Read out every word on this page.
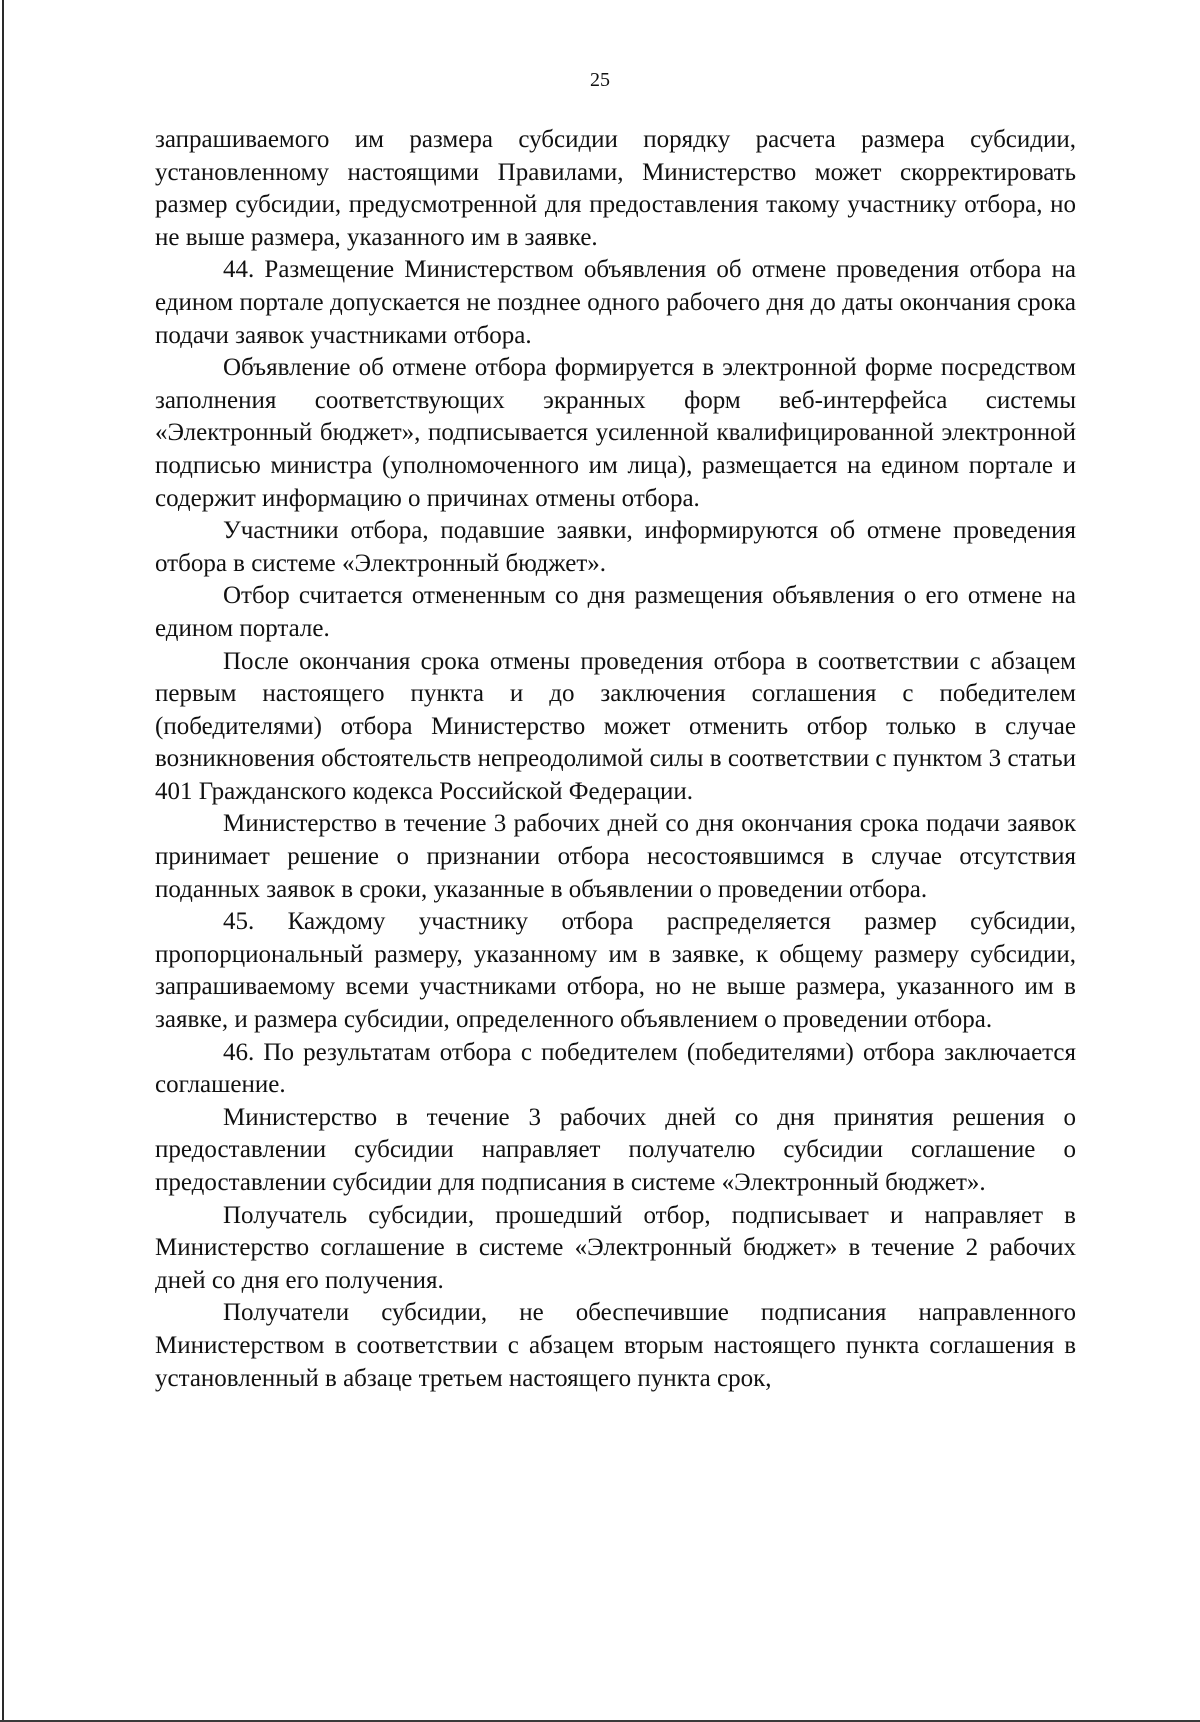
25

запрашиваемого им размера субсидии порядку расчета размера субсидии, установленному настоящими Правилами, Министерство может скорректировать размер субсидии, предусмотренной для предоставления такому участнику отбора, но не выше размера, указанного им в заявке.

44. Размещение Министерством объявления об отмене проведения отбора на едином портале допускается не позднее одного рабочего дня до даты окончания срока подачи заявок участниками отбора.

Объявление об отмене отбора формируется в электронной форме посредством заполнения соответствующих экранных форм веб-интерфейса системы «Электронный бюджет», подписывается усиленной квалифицированной электронной подписью министра (уполномоченного им лица), размещается на едином портале и содержит информацию о причинах отмены отбора.

Участники отбора, подавшие заявки, информируются об отмене проведения отбора в системе «Электронный бюджет».

Отбор считается отмененным со дня размещения объявления о его отмене на едином портале.

После окончания срока отмены проведения отбора в соответствии с абзацем первым настоящего пункта и до заключения соглашения с победителем (победителями) отбора Министерство может отменить отбор только в случае возникновения обстоятельств непреодолимой силы в соответствии с пунктом 3 статьи 401 Гражданского кодекса Российской Федерации.

Министерство в течение 3 рабочих дней со дня окончания срока подачи заявок принимает решение о признании отбора несостоявшимся в случае отсутствия поданных заявок в сроки, указанные в объявлении о проведении отбора.

45. Каждому участнику отбора распределяется размер субсидии, пропорциональный размеру, указанному им в заявке, к общему размеру субсидии, запрашиваемому всеми участниками отбора, но не выше размера, указанного им в заявке, и размера субсидии, определенного объявлением о проведении отбора.

46. По результатам отбора с победителем (победителями) отбора заключается соглашение.

Министерство в течение 3 рабочих дней со дня принятия решения о предоставлении субсидии направляет получателю субсидии соглашение о предоставлении субсидии для подписания в системе «Электронный бюджет».

Получатель субсидии, прошедший отбор, подписывает и направляет в Министерство соглашение в системе «Электронный бюджет» в течение 2 рабочих дней со дня его получения.

Получатели субсидии, не обеспечившие подписания направленного Министерством в соответствии с абзацем вторым настоящего пункта соглашения в установленный в абзаце третьем настоящего пункта срок,
